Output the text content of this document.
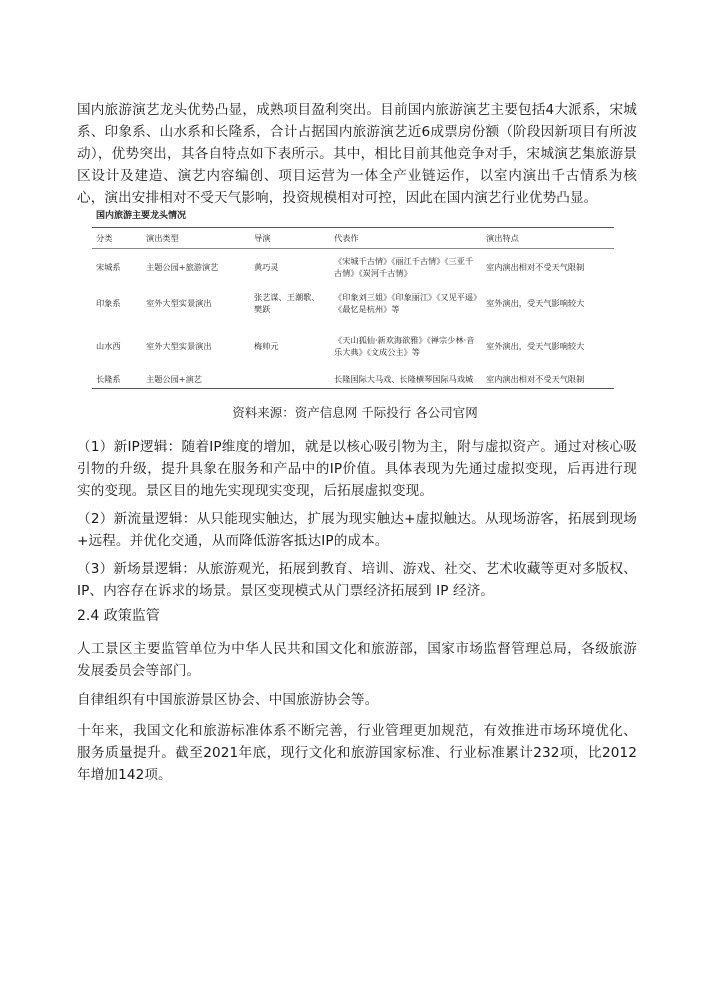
国内旅游演艺龙头优势凸显，成熟项目盈利突出。目前国内旅游演艺主要包括4大派系，宋城系、印象系、山水系和长隆系，合计占据国内旅游演艺近6成票房份额（阶段因新项目有所波动），优势突出，其各自特点如下表所示。其中，相比目前其他竞争对手，宋城演艺集旅游景区设计及建造、演艺内容编创、项目运营为一体全产业链运作，以室内演出千古情系为核心，演出安排相对不受天气影响，投资规模相对可控，因此在国内演艺行业优势凸显。

国内旅游主要龙头情况
分类	演出类型	导演	代表作	演出特点
宋城系	主题公园+旅游演艺	黄巧灵	《宋城千古情》《丽江千古情》《三亚千古情》《炭河千古情》	室内演出相对不受天气限制
印象系	室外大型实景演出	张艺谋、王潮歌、樊跃	《印象刘三姐》《印象丽江》《又见平遥》《最忆是杭州》等	室外演出，受天气影响较大
山水西	室外大型实景演出	梅帅元	《天山狐仙·新欢海欲雅》《禅宗少林·音乐大典》《文成公主》等	室外演出，受天气影响较大
长隆系	主题公园+演艺		长隆国际大马戏、长隆横琴国际马戏城	室内演出相对不受天气限制

资料来源：资产信息网 千际投行 各公司官网

（1）新IP逻辑：随着IP维度的增加，就是以核心吸引物为主，附与虚拟资产。通过对核心吸引物的升级，提升具象在服务和产品中的IP价值。具体表现为先通过虚拟变现，后再进行现实的变现。景区目的地先实现现实变现，后拓展虚拟变现。

（2）新流量逻辑：从只能现实触达，扩展为现实触达+虚拟触达。从现场游客，拓展到现场+远程。并优化交通，从而降低游客抵达IP的成本。

（3）新场景逻辑：从旅游观光，拓展到教育、培训、游戏、社交、艺术收藏等更对多版权、IP、内容存在诉求的场景。景区变现模式从门票经济拓展到 IP 经济。

2.4 政策监管

人工景区主要监管单位为中华人民共和国文化和旅游部，国家市场监督管理总局，各级旅游发展委员会等部门。

自律组织有中国旅游景区协会、中国旅游协会等。

十年来，我国文化和旅游标准体系不断完善，行业管理更加规范，有效推进市场环境优化、服务质量提升。截至2021年底，现行文化和旅游国家标准、行业标准累计232项，比2012年增加142项。
